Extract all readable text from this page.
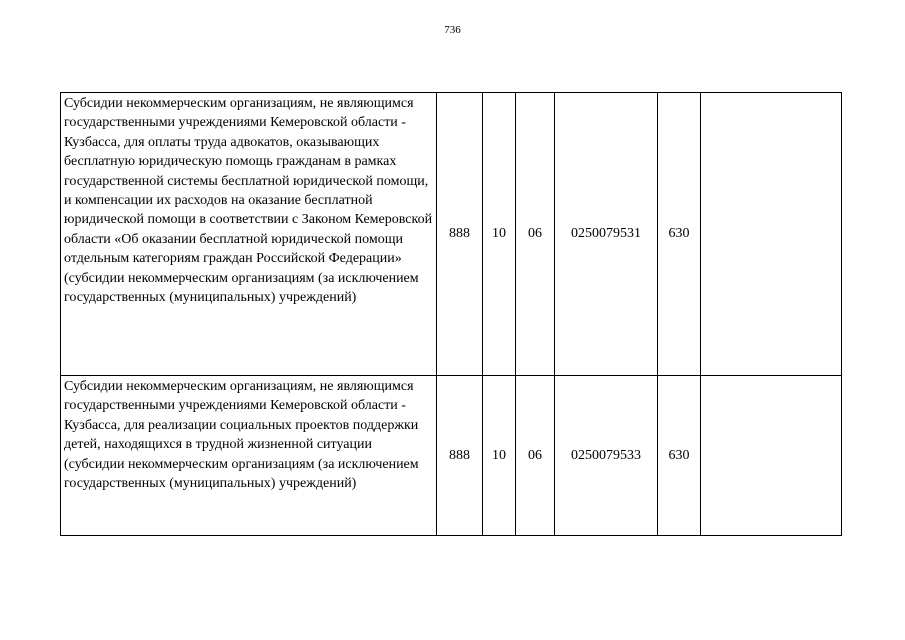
736
Субсидии некоммерческим организациям, не являющимся государственными учреждениями Кемеровской области - Кузбасса, для оплаты труда адвокатов, оказывающих бесплатную юридическую помощь гражданам в рамках государственной системы бесплатной юридической помощи, и компенсации их расходов на оказание бесплатной юридической помощи в соответствии с Законом Кемеровской области «Об оказании бесплатной юридической помощи отдельным категориям граждан Российской Федерации» (субсидии некоммерческим организациям (за исключением государственных (муниципальных) учреждений)	888	10	06	0250079531	630	

Субсидии некоммерческим организациям, не являющимся государственными учреждениями Кемеровской области - Кузбасса, для реализации социальных проектов поддержки детей, находящихся в трудной жизненной ситуации (субсидии некоммерческим организациям (за исключением государственных (муниципальных) учреждений)	888	10	06	0250079533	630	
